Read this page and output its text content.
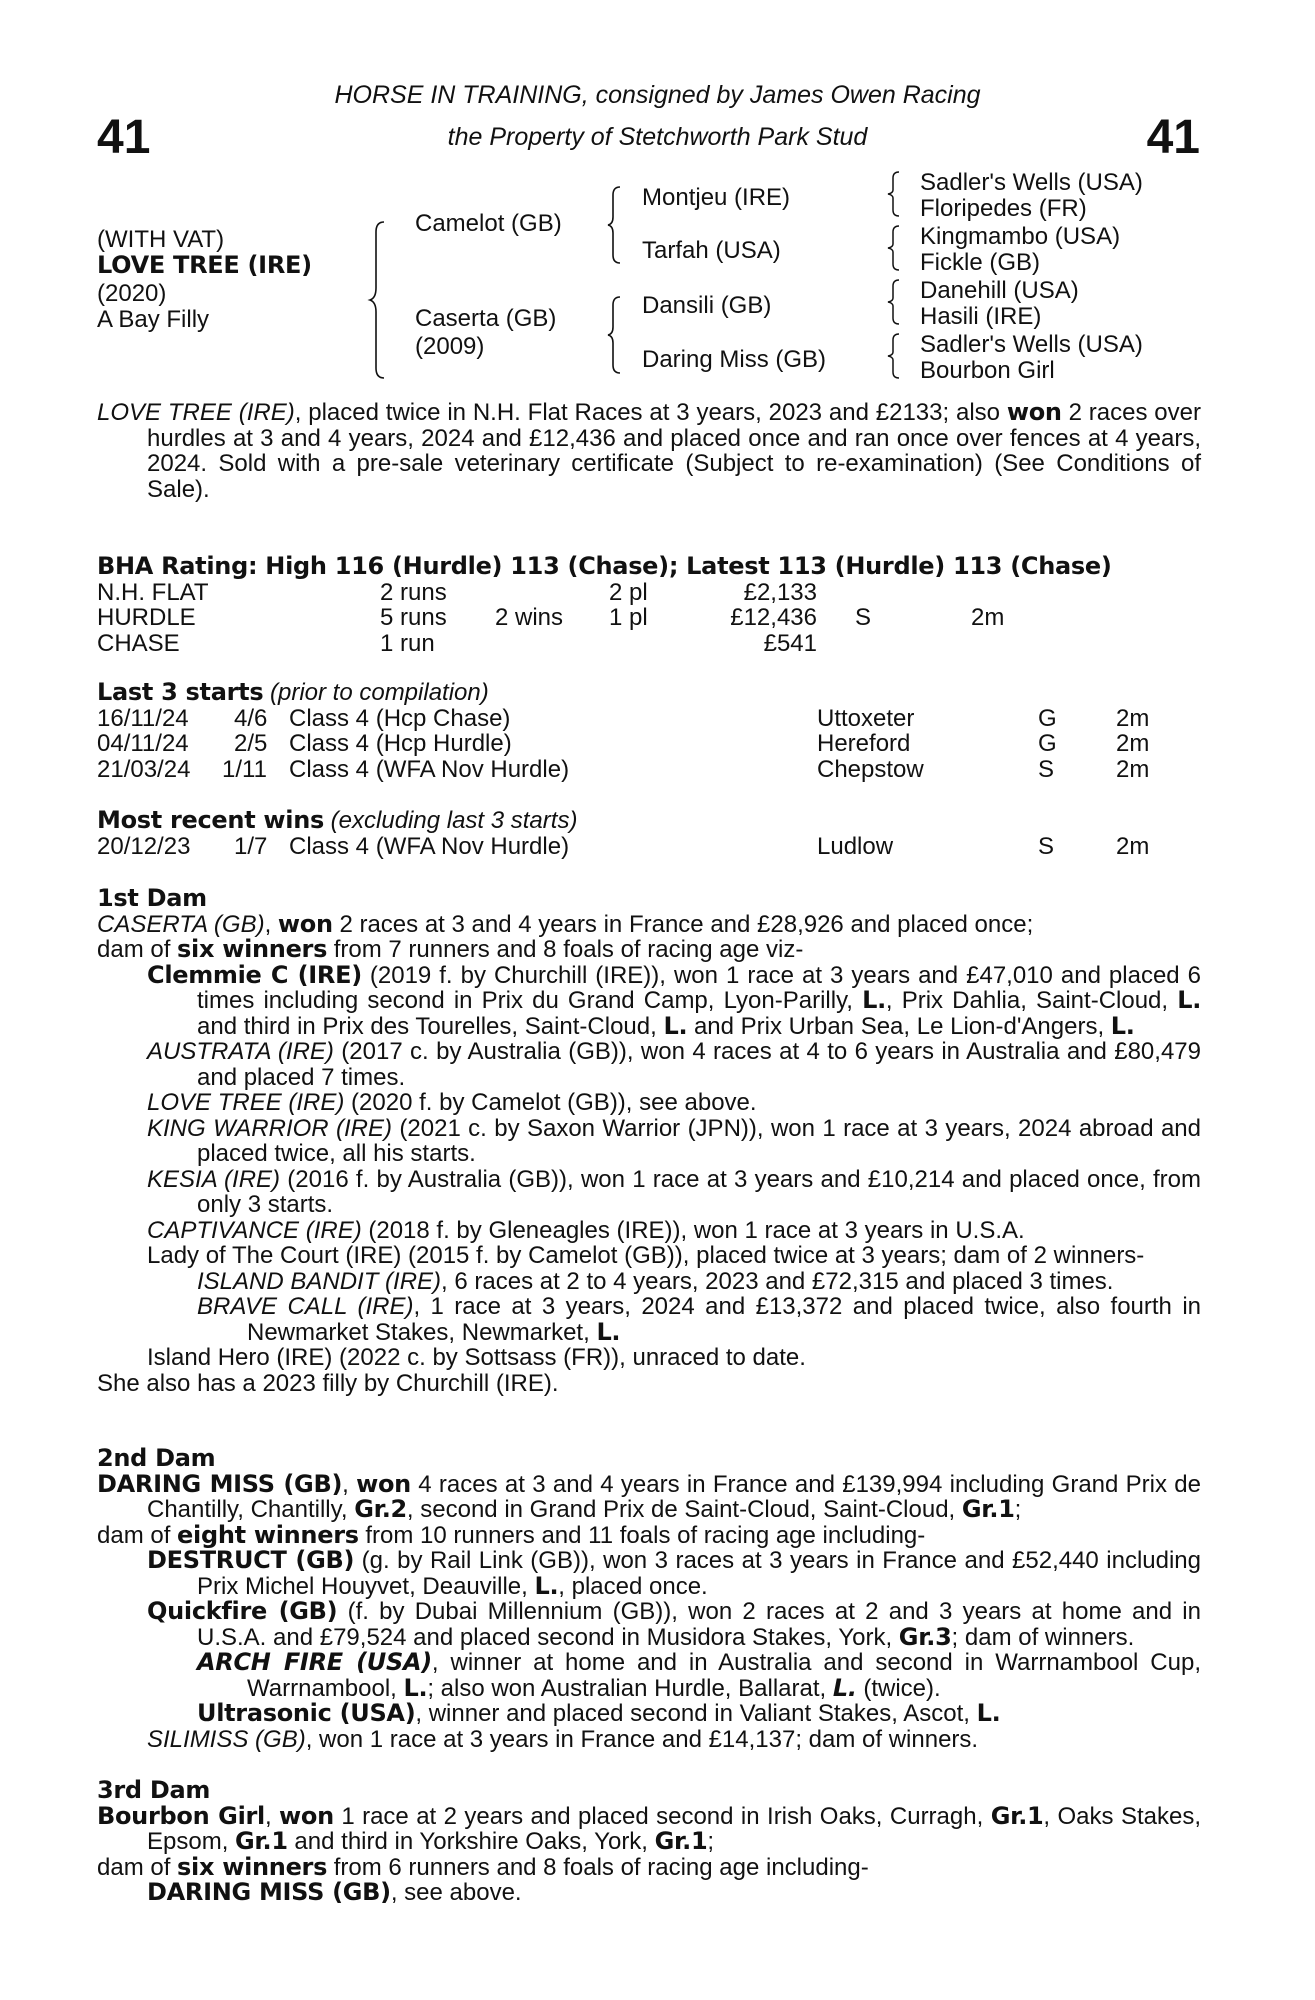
41	41
HORSE IN TRAINING, consigned by James Owen Racing
the Property of Stetchworth Park Stud
(WITH VAT)
LOVE TREE (IRE)
(2020)
A Bay Filly
Camelot (GB)
Caserta (GB)
(2009)
Montjeu (IRE)
Tarfah (USA)
Dansili (GB)
Daring Miss (GB)
Sadler's Wells (USA)
Floripedes (FR)
Kingmambo (USA)
Fickle (GB)
Danehill (USA)
Hasili (IRE)
Sadler's Wells (USA)
Bourbon Girl

LOVE TREE (IRE), placed twice in N.H. Flat Races at 3 years, 2023 and £2133; also won 2 races over hurdles at 3 and 4 years, 2024 and £12,436 and placed once and ran once over fences at 4 years, 2024. Sold with a pre-sale veterinary certificate (Subject to re-examination) (See Conditions of Sale).

BHA Rating: High 116 (Hurdle) 113 (Chase); Latest 113 (Hurdle) 113 (Chase)
N.H. FLAT	2 runs	2 pl	£2,133
HURDLE	5 runs 2 wins 1 pl	£12,436 S	2m
CHASE	1 run	£541
Last 3 starts (prior to compilation)
16/11/24 4/6 Class 4 (Hcp Chase)	Uttoxeter	G 2m
04/11/24 2/5 Class 4 (Hcp Hurdle)	Hereford	G 2m
21/03/24 1/11 Class 4 (WFA Nov Hurdle)	Chepstow	S	2m
Most recent wins (excluding last 3 starts)
20/12/23 1/7 Class 4 (WFA Nov Hurdle)	Ludlow	S	2m
1st Dam

CASERTA (GB), won 2 races at 3 and 4 years in France and £28,926 and placed once;

dam of six winners from 7 runners and 8 foals of racing age viz-

Clemmie C (IRE) (2019 f. by Churchill (IRE)), won 1 race at 3 years and £47,010 and placed 6 times including second in Prix du Grand Camp, Lyon-Parilly, L., Prix Dahlia, Saint-Cloud, L. and third in Prix des Tourelles, Saint-Cloud, L. and Prix Urban Sea, Le Lion-d'Angers, L.

AUSTRATA (IRE) (2017 c. by Australia (GB)), won 4 races at 4 to 6 years in Australia and £80,479 and placed 7 times.

LOVE TREE (IRE) (2020 f. by Camelot (GB)), see above.

KING WARRIOR (IRE) (2021 c. by Saxon Warrior (JPN)), won 1 race at 3 years, 2024 abroad and placed twice, all his starts.

KESIA (IRE) (2016 f. by Australia (GB)), won 1 race at 3 years and £10,214 and placed once, from only 3 starts.

CAPTIVANCE (IRE) (2018 f. by Gleneagles (IRE)), won 1 race at 3 years in U.S.A.

Lady of The Court (IRE) (2015 f. by Camelot (GB)), placed twice at 3 years; dam of 2 winners-

ISLAND BANDIT (IRE), 6 races at 2 to 4 years, 2023 and £72,315 and placed 3 times.

BRAVE CALL (IRE), 1 race at 3 years, 2024 and £13,372 and placed twice, also fourth in Newmarket Stakes, Newmarket, L.

Island Hero (IRE) (2022 c. by Sottsass (FR)), unraced to date.

She also has a 2023 filly by Churchill (IRE).

2nd Dam

DARING MISS (GB), won 4 races at 3 and 4 years in France and £139,994 including Grand Prix de Chantilly, Chantilly, Gr.2, second in Grand Prix de Saint-Cloud, Saint-Cloud, Gr.1;

dam of eight winners from 10 runners and 11 foals of racing age including-

DESTRUCT (GB) (g. by Rail Link (GB)), won 3 races at 3 years in France and £52,440 including Prix Michel Houyvet, Deauville, L., placed once.

Quickfire (GB) (f. by Dubai Millennium (GB)), won 2 races at 2 and 3 years at home and in U.S.A. and £79,524 and placed second in Musidora Stakes, York, Gr.3; dam of winners.

ARCH FIRE (USA), winner at home and in Australia and second in Warrnambool Cup, Warrnambool, L.; also won Australian Hurdle, Ballarat, L. (twice).

Ultrasonic (USA), winner and placed second in Valiant Stakes, Ascot, L.

SILIMISS (GB), won 1 race at 3 years in France and £14,137; dam of winners.

3rd Dam

Bourbon Girl, won 1 race at 2 years and placed second in Irish Oaks, Curragh, Gr.1, Oaks Stakes, Epsom, Gr.1 and third in Yorkshire Oaks, York, Gr.1;

dam of six winners from 6 runners and 8 foals of racing age including-

DARING MISS (GB), see above.
